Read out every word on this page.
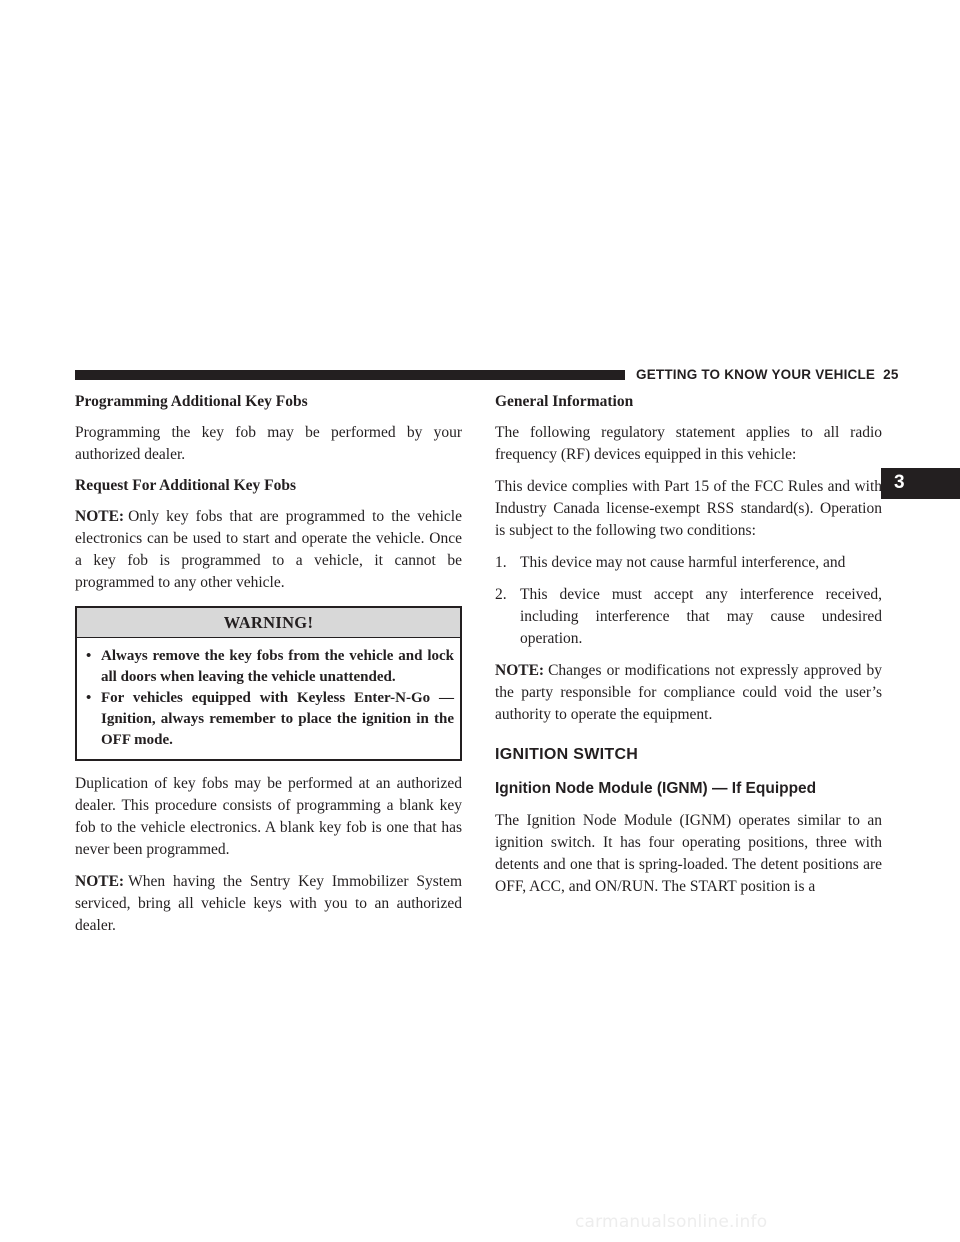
GETTING TO KNOW YOUR VEHICLE 25
3
Programming Additional Key Fobs

Programming the key fob may be performed by your authorized dealer.

Request For Additional Key Fobs

NOTE: Only key fobs that are programmed to the vehicle electronics can be used to start and operate the vehicle. Once a key fob is programmed to a vehicle, it cannot be programmed to any other vehicle.

WARNING!
• Always remove the key fobs from the vehicle and lock all doors when leaving the vehicle unattended.
• For vehicles equipped with Keyless Enter-N-Go — Ignition, always remember to place the ignition in the OFF mode.

Duplication of key fobs may be performed at an authorized dealer. This procedure consists of programming a blank key fob to the vehicle electronics. A blank key fob is one that has never been programmed.

NOTE: When having the Sentry Key Immobilizer System serviced, bring all vehicle keys with you to an authorized dealer.

General Information

The following regulatory statement applies to all radio frequency (RF) devices equipped in this vehicle:

This device complies with Part 15 of the FCC Rules and with Industry Canada license-exempt RSS standard(s). Operation is subject to the following two conditions:

1. This device may not cause harmful interference, and
2. This device must accept any interference received, including interference that may cause undesired operation.

NOTE: Changes or modifications not expressly approved by the party responsible for compliance could void the user’s authority to operate the equipment.

IGNITION SWITCH
Ignition Node Module (IGNM) — If Equipped

The Ignition Node Module (IGNM) operates similar to an ignition switch. It has four operating positions, three with detents and one that is spring-loaded. The detent positions are OFF, ACC, and ON/RUN. The START position is a

carmanualsonline.info
